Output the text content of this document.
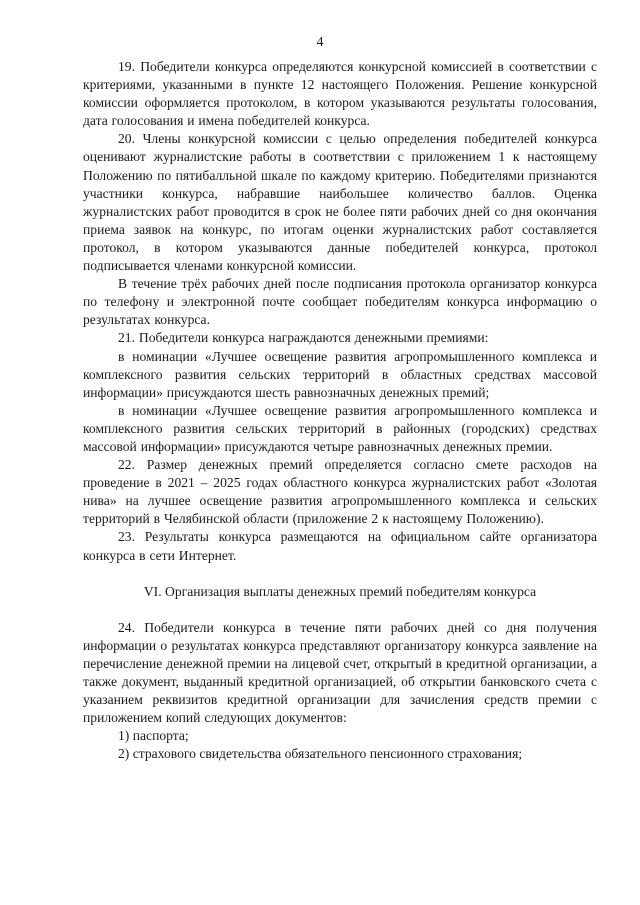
4

19. Победители конкурса определяются конкурсной комиссией в соответствии с критериями, указанными в пункте 12 настоящего Положения. Решение конкурсной комиссии оформляется протоколом, в котором указываются результаты голосования, дата голосования и имена победителей конкурса.

20. Члены конкурсной комиссии с целью определения победителей конкурса оценивают журналистские работы в соответствии с приложением 1 к настоящему Положению по пятибалльной шкале по каждому критерию. Победителями признаются участники конкурса, набравшие наибольшее количество баллов. Оценка журналистских работ проводится в срок не более пяти рабочих дней со дня окончания приема заявок на конкурс, по итогам оценки журналистских работ составляется протокол, в котором указываются данные победителей конкурса, протокол подписывается членами конкурсной комиссии.

В течение трёх рабочих дней после подписания протокола организатор конкурса по телефону и электронной почте сообщает победителям конкурса информацию о результатах конкурса.

21. Победители конкурса награждаются денежными премиями:

в номинации «Лучшее освещение развития агропромышленного комплекса и комплексного развития сельских территорий в областных средствах массовой информации» присуждаются шесть равнозначных денежных премий;

в номинации «Лучшее освещение развития агропромышленного комплекса и комплексного развития сельских территорий в районных (городских) средствах массовой информации» присуждаются четыре равнозначных денежных премии.

22. Размер денежных премий определяется согласно смете расходов на проведение в 2021 – 2025 годах областного конкурса журналистских работ «Золотая нива» на лучшее освещение развития агропромышленного комплекса и сельских территорий в Челябинской области (приложение 2 к настоящему Положению).

23. Результаты конкурса размещаются на официальном сайте организатора конкурса в сети Интернет.

VI. Организация выплаты денежных премий победителям конкурса

24. Победители конкурса в течение пяти рабочих дней со дня получения информации о результатах конкурса представляют организатору конкурса заявление на перечисление денежной премии на лицевой счет, открытый в кредитной организации, а также документ, выданный кредитной организацией, об открытии банковского счета с указанием реквизитов кредитной организации для зачисления средств премии с приложением копий следующих документов:

1) паспорта;

2) страхового свидетельства обязательного пенсионного страхования;
